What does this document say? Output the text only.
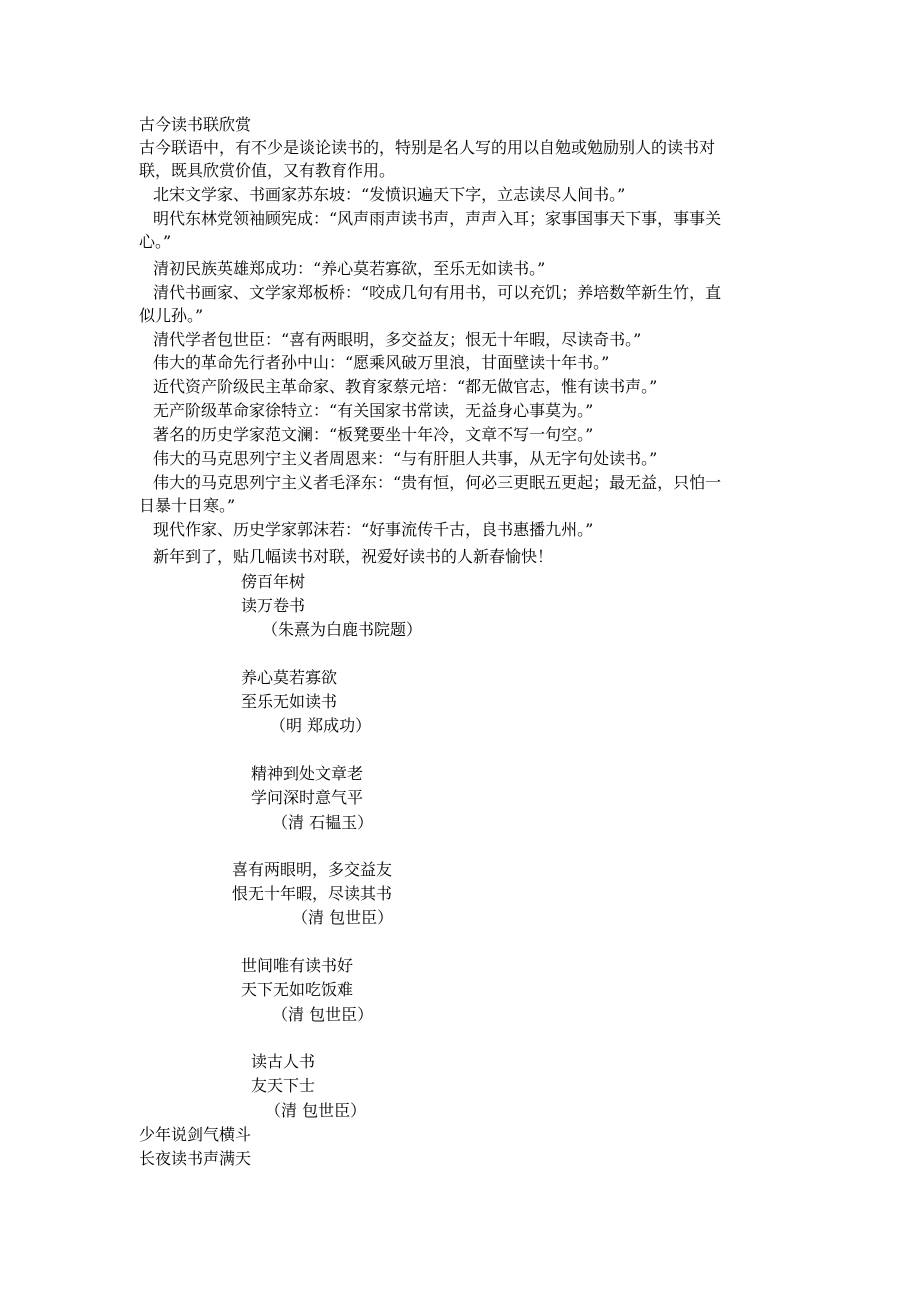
古今读书联欣赏

古今联语中，有不少是谈论读书的，特别是名人写的用以自勉或勉励别人的读书对
联，既具欣赏价值，又有教育作用。
北宋文学家、书画家苏东坡：“发愤识遍天下字，立志读尽人间书。”
明代东林党领袖顾宪成：“风声雨声读书声，声声入耳；家事国事天下事，事事关
心。”
清初民族英雄郑成功：“养心莫若寡欲，至乐无如读书。”
清代书画家、文学家郑板桥：“咬成几句有用书，可以充饥；养培数竿新生竹，直
似儿孙。”
清代学者包世臣：“喜有两眼明，多交益友；恨无十年暇，尽读奇书。”
伟大的革命先行者孙中山：“愿乘风破万里浪，甘面壁读十年书。”
近代资产阶级民主革命家、教育家蔡元培：“都无做官志，惟有读书声。”
无产阶级革命家徐特立：“有关国家书常读，无益身心事莫为。”
著名的历史学家范文澜：“板凳要坐十年冷，文章不写一句空。”
伟大的马克思列宁主义者周恩来：“与有肝胆人共事，从无字句处读书。”
伟大的马克思列宁主义者毛泽东：“贵有恒，何必三更眠五更起；最无益，只怕一
日暴十日寒。”
现代作家、历史学家郭沫若：“好事流传千古，良书惠播九州。”

新年到了，贴几幅读书对联，祝爱好读书的人新春愉快！

傍百年树

读万卷书

（朱熹为白鹿书院题）

养心莫若寡欲

至乐无如读书

（明 郑成功）

精神到处文章老

学问深时意气平

（清 石韫玉）

喜有两眼明，多交益友

恨无十年暇，尽读其书

（清 包世臣）

世间唯有读书好

天下无如吃饭难

（清 包世臣）

读古人书

友天下士

（清 包世臣）

少年说剑气横斗

长夜读书声满天
